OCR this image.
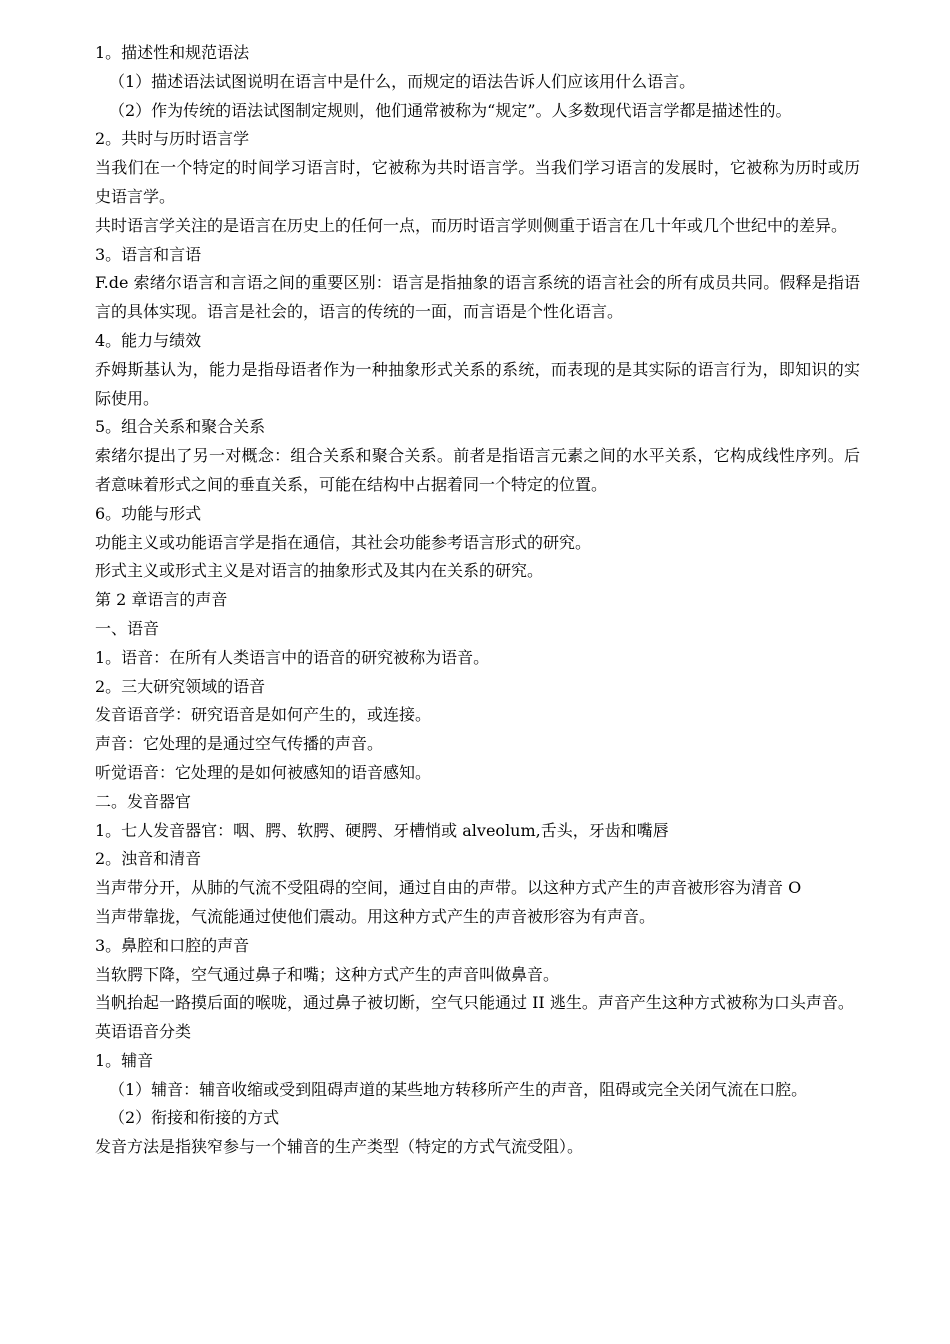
1。描述性和规范语法

（1）描述语法试图说明在语言中是什么，而规定的语法告诉人们应该用什么语言。

（2）作为传统的语法试图制定规则，他们通常被称为“规定”。人多数现代语言学都是描述性的。

2。共时与历时语言学

当我们在一个特定的时间学习语言时，它被称为共时语言学。当我们学习语言的发展时，它被称为历时或历史语言学。

共时语言学关注的是语言在历史上的任何一点，而历时语言学则侧重于语言在几十年或几个世纪中的差异。

3。语言和言语

F.de 索绪尔语言和言语之间的重要区别：语言是指抽象的语言系统的语言社会的所有成员共同。假释是指语言的具体实现。语言是社会的，语言的传统的一面，而言语是个性化语言。

4。能力与绩效

乔姆斯基认为，能力是指母语者作为一种抽象形式关系的系统，而表现的是其实际的语言行为，即知识的实际使用。

5。组合关系和聚合关系

索绪尔提出了另一对概念：组合关系和聚合关系。前者是指语言元素之间的水平关系，它构成线性序列。后者意味着形式之间的垂直关系，可能在结构中占据着同一个特定的位置。

6。功能与形式

功能主义或功能语言学是指在通信，其社会功能参考语言形式的研究。

形式主义或形式主义是对语言的抽象形式及其内在关系的研究。

第 2 章语言的声音

一、语音

1。语音：在所有人类语言中的语音的研究被称为语音。

2。三大研究领域的语音

发音语音学：研究语音是如何产生的，或连接。

声音：它处理的是通过空气传播的声音。

听觉语音：它处理的是如何被感知的语音感知。

二。发音器官

1。七人发音器官：咽、腭、软腭、硬腭、牙槽悄或 alveolum,舌头，牙齿和嘴唇

2。浊音和清音

当声带分开，从肺的气流不受阻碍的空间，通过自由的声带。以这种方式产生的声音被形容为清音 O

当声带靠拢，气流能通过使他们震动。用这种方式产生的声音被形容为有声音。

3。鼻腔和口腔的声音

当软腭下降，空气通过鼻子和嘴；这种方式产生的声音叫做鼻音。

当帆抬起一路摸后面的喉咙，通过鼻子被切断，空气只能通过 II 逃生。声音产生这种方式被称为口头声音。

英语语音分类

1。辅音

（1）辅音：辅音收缩或受到阻碍声道的某些地方转移所产生的声音，阻碍或完全关闭气流在口腔。

（2）衔接和衔接的方式

发音方法是指狭窄参与一个辅音的生产类型（特定的方式气流受阻）。
